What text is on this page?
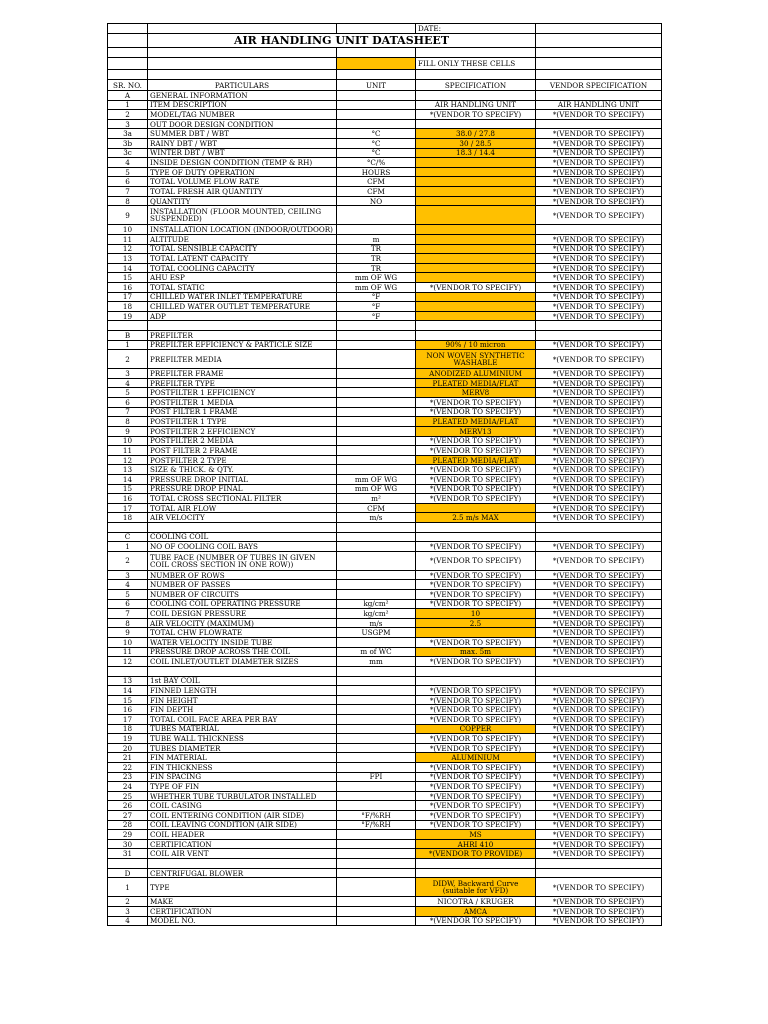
			DATE:	
	AIR HANDLING UNIT DATASHEET			

			FILL ONLY THESE CELLS	

SR. NO.	PARTICULARS	UNIT	SPECIFICATION	VENDOR SPECIFICATION
A	GENERAL INFORMATION			
1	ITEM DESCRIPTION		AIR HANDLING UNIT	AIR HANDLING UNIT
2	MODEL/TAG NUMBER		*(VENDOR TO SPECIFY)	*(VENDOR TO SPECIFY)
3	OUT DOOR DESIGN CONDITION			
3a	SUMMER DBT / WBT	°C	38.0 / 27.8	*(VENDOR TO SPECIFY)
3b	RAINY DBT / WBT	°C	30 / 28.5	*(VENDOR TO SPECIFY)
3c	WINTER DBT / WBT	°C	18.3 / 14.4	*(VENDOR TO SPECIFY)
4	INSIDE DESIGN CONDITION (TEMP & RH)	°C/%		*(VENDOR TO SPECIFY)
5	TYPE OF DUTY OPERATION	HOURS		*(VENDOR TO SPECIFY)
6	TOTAL VOLUME FLOW RATE	CFM		*(VENDOR TO SPECIFY)
7	TOTAL FRESH AIR QUANTITY	CFM		*(VENDOR TO SPECIFY)
8	QUANTITY	NO		*(VENDOR TO SPECIFY)
9	INSTALLATION (FLOOR MOUNTED, CEILING SUSPENDED)			*(VENDOR TO SPECIFY)
10	INSTALLATION LOCATION (INDOOR/OUTDOOR)			
11	ALTITUDE	m		*(VENDOR TO SPECIFY)
12	TOTAL SENSIBLE CAPACITY	TR		*(VENDOR TO SPECIFY)
13	TOTAL LATENT CAPACITY	TR		*(VENDOR TO SPECIFY)
14	TOTAL COOLING CAPACITY	TR		*(VENDOR TO SPECIFY)
15	AHU ESP	mm OF WG		*(VENDOR TO SPECIFY)
16	TOTAL STATIC	mm OF WG	*(VENDOR TO SPECIFY)	*(VENDOR TO SPECIFY)
17	CHILLED WATER INLET TEMPERATURE	°F		*(VENDOR TO SPECIFY)
18	CHILLED WATER OUTLET TEMPERATURE	°F		*(VENDOR TO SPECIFY)
19	ADP	°F		*(VENDOR TO SPECIFY)

B	PREFILTER			
1	PREFILTER EFFICIENCY & PARTICLE SIZE		90% / 10 micron	*(VENDOR TO SPECIFY)
2	PREFILTER MEDIA		NON WOVEN SYNTHETIC WASHABLE	*(VENDOR TO SPECIFY)
3	PREFILTER FRAME		ANODIZED ALUMINIUM	*(VENDOR TO SPECIFY)
4	PREFILTER TYPE		PLEATED MEDIA/FLAT	*(VENDOR TO SPECIFY)
5	POSTFILTER 1 EFFICIENCY		MERV8	*(VENDOR TO SPECIFY)
6	POSTFILTER 1 MEDIA		*(VENDOR TO SPECIFY)	*(VENDOR TO SPECIFY)
7	POST FILTER 1 FRAME		*(VENDOR TO SPECIFY)	*(VENDOR TO SPECIFY)
8	POSTFILTER 1 TYPE		PLEATED MEDIA/FLAT	*(VENDOR TO SPECIFY)
9	POSTFILTER 2 EFFICIENCY		MERV13	*(VENDOR TO SPECIFY)
10	POSTFILTER 2 MEDIA		*(VENDOR TO SPECIFY)	*(VENDOR TO SPECIFY)
11	POST FILTER 2 FRAME		*(VENDOR TO SPECIFY)	*(VENDOR TO SPECIFY)
12	POSTFILTER 2 TYPE		PLEATED MEDIA/FLAT	*(VENDOR TO SPECIFY)
13	SIZE & THICK. & QTY.		*(VENDOR TO SPECIFY)	*(VENDOR TO SPECIFY)
14	PRESSURE DROP INITIAL	mm OF WG	*(VENDOR TO SPECIFY)	*(VENDOR TO SPECIFY)
15	PRESSURE DROP FINAL	mm OF WG	*(VENDOR TO SPECIFY)	*(VENDOR TO SPECIFY)
16	TOTAL CROSS SECTIONAL FILTER	m²	*(VENDOR TO SPECIFY)	*(VENDOR TO SPECIFY)
17	TOTAL AIR FLOW	CFM		*(VENDOR TO SPECIFY)
18	AIR VELOCITY	m/s	2.5 m/s MAX	*(VENDOR TO SPECIFY)

C	COOLING COIL			
1	NO OF COOLING COIL BAYS		*(VENDOR TO SPECIFY)	*(VENDOR TO SPECIFY)
2	TUBE FACE (NUMBER OF TUBES IN GIVEN COIL CROSS SECTION IN ONE ROW))		*(VENDOR TO SPECIFY)	*(VENDOR TO SPECIFY)
3	NUMBER OF ROWS		*(VENDOR TO SPECIFY)	*(VENDOR TO SPECIFY)
4	NUMBER OF PASSES		*(VENDOR TO SPECIFY)	*(VENDOR TO SPECIFY)
5	NUMBER OF CIRCUITS		*(VENDOR TO SPECIFY)	*(VENDOR TO SPECIFY)
6	COOLING COIL OPERATING PRESSURE	kg/cm²	*(VENDOR TO SPECIFY)	*(VENDOR TO SPECIFY)
7	COIL DESIGN PRESSURE	kg/cm²	10	*(VENDOR TO SPECIFY)
8	AIR VELOCITY (MAXIMUM)	m/s	2.5	*(VENDOR TO SPECIFY)
9	TOTAL CHW FLOWRATE	USGPM		*(VENDOR TO SPECIFY)
10	WATER VELOCITY INSIDE TUBE		*(VENDOR TO SPECIFY)	*(VENDOR TO SPECIFY)
11	PRESSURE DROP ACROSS THE COIL	m of WC	max. 5m	*(VENDOR TO SPECIFY)
12	COIL INLET/OUTLET DIAMETER SIZES	mm	*(VENDOR TO SPECIFY)	*(VENDOR TO SPECIFY)

13	1st BAY COIL			
14	FINNED LENGTH		*(VENDOR TO SPECIFY)	*(VENDOR TO SPECIFY)
15	FIN HEIGHT		*(VENDOR TO SPECIFY)	*(VENDOR TO SPECIFY)
16	FIN DEPTH		*(VENDOR TO SPECIFY)	*(VENDOR TO SPECIFY)
17	TOTAL COIL FACE AREA PER BAY		*(VENDOR TO SPECIFY)	*(VENDOR TO SPECIFY)
18	TUBES MATERIAL		COPPER	*(VENDOR TO SPECIFY)
19	TUBE WALL THICKNESS		*(VENDOR TO SPECIFY)	*(VENDOR TO SPECIFY)
20	TUBES DIAMETER		*(VENDOR TO SPECIFY)	*(VENDOR TO SPECIFY)
21	FIN MATERIAL		ALUMINIUM	*(VENDOR TO SPECIFY)
22	FIN THICKNESS		*(VENDOR TO SPECIFY)	*(VENDOR TO SPECIFY)
23	FIN SPACING	FPI	*(VENDOR TO SPECIFY)	*(VENDOR TO SPECIFY)
24	TYPE OF FIN		*(VENDOR TO SPECIFY)	*(VENDOR TO SPECIFY)
25	WHETHER TUBE TURBULATOR INSTALLED		*(VENDOR TO SPECIFY)	*(VENDOR TO SPECIFY)
26	COIL CASING		*(VENDOR TO SPECIFY)	*(VENDOR TO SPECIFY)
27	COIL ENTERING CONDITION (AIR SIDE)	°F/%RH	*(VENDOR TO SPECIFY)	*(VENDOR TO SPECIFY)
28	COIL LEAVING CONDITION (AIR SIDE)	°F/%RH	*(VENDOR TO SPECIFY)	*(VENDOR TO SPECIFY)
29	COIL HEADER		MS	*(VENDOR TO SPECIFY)
30	CERTIFICATION		AHRI 410	*(VENDOR TO SPECIFY)
31	COIL AIR VENT		*(VENDOR TO PROVIDE)	*(VENDOR TO SPECIFY)

D	CENTRIFUGAL BLOWER			
1	TYPE		DIDW, Backward Curve (suitable for VFD)	*(VENDOR TO SPECIFY)
2	MAKE		NICOTRA / KRUGER	*(VENDOR TO SPECIFY)
3	CERTIFICATION		AMCA	*(VENDOR TO SPECIFY)
4	MODEL NO.		*(VENDOR TO SPECIFY)	*(VENDOR TO SPECIFY)
